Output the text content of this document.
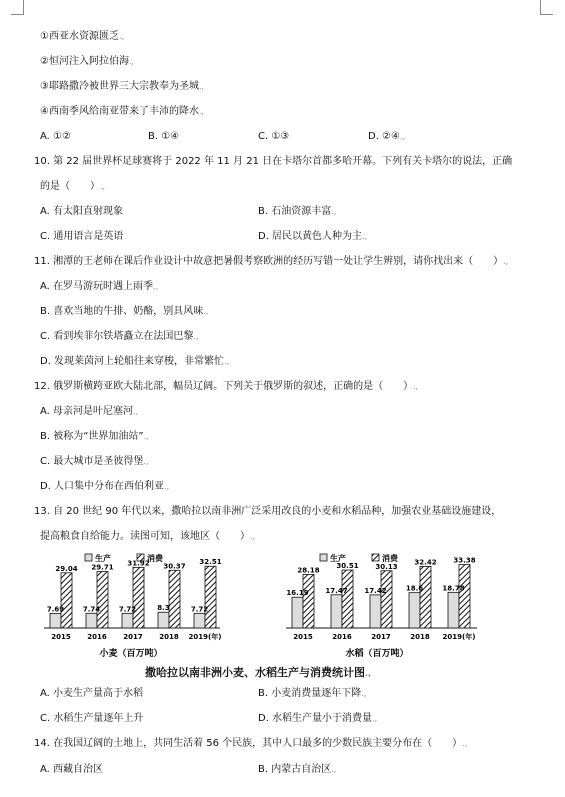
①西亚水资源匮乏.,
②恒河注入阿拉伯海.,
③耶路撒冷被世界三大宗教奉为圣城.,
④西南季风给南亚带来了丰沛的降水.,
A. ①②	B. ①④	C. ①③	D. ②④.,
10. 第 22 届世界杯足球赛将于 2022 年 11 月 21 日在卡塔尔首都多哈开幕。下列有关卡塔尔的说法，正确
的是（　　）.,
A. 有太阳直射现象	B. 石油资源丰富.,
C. 通用语言是英语	D. 居民以黄色人种为主.,
11. 湘潭的王老师在课后作业设计中故意把暑假考察欧洲的经历写错一处让学生辨别，请你找出来（　　）.,
A. 在罗马游玩时遇上雨季.,
B. 喜欢当地的牛排、奶酪，别具风味.,
C. 看到埃菲尔铁塔矗立在法国巴黎.,
D. 发现莱茵河上轮船往来穿梭，非常繁忙.,
12. 俄罗斯横跨亚欧大陆北部，幅员辽阔。下列关于俄罗斯的叙述，正确的是（　　）.,
A. 母亲河是叶尼塞河.,
B. 被称为“世界加油站”.,
C. 最大城市是圣彼得堡.,
D. 人口集中分布在西伯利亚.,
13. 自 20 世纪 90 年代以来，撒哈拉以南非洲广泛采用改良的小麦和水稻品种，加强农业基础设施建设，
提高粮食自给能力。读图可知，该地区（　　）.,
生产	消费
7.69
29.04
2015
7.74
29.71
2016
7.72
31.92
2017
8.3
30.37
2018
7.72
32.51
2019(年)
小麦（百万吨）
生产	消费
16.19
28.18
2015
17.47
30.51
2016
17.42
30.13
2017
18.6
32.42
2018
18.78
33.38
2019(年)
水稻（百万吨）
撒哈拉以南非洲小麦、水稻生产与消费统计图.,
A. 小麦生产量高于水稻	B. 小麦消费量逐年下降.,
C. 水稻生产量逐年上升	D. 水稻生产量小于消费量.,
14. 在我国辽阔的土地上，共同生活着 56 个民族，其中人口最多的少数民族主要分布在（　　）.,
A. 西藏自治区	B. 内蒙古自治区.,
